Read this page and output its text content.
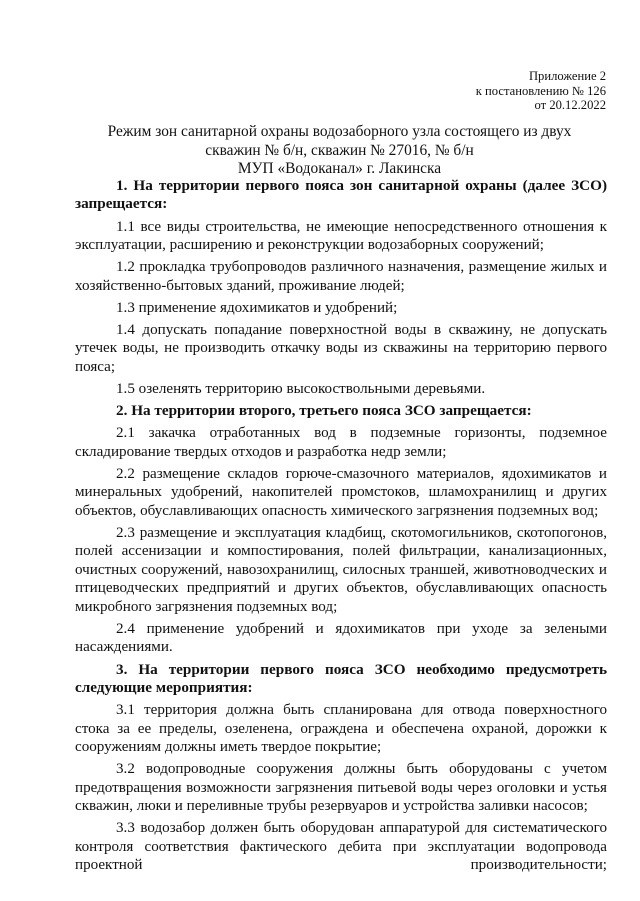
Приложение 2
к постановлению № 126
от 20.12.2022
Режим зон санитарной охраны водозаборного узла состоящего из двух
скважин № б/н, скважин № 27016, № б/н
МУП «Водоканал» г. Лакинска

1. На территории первого пояса зон санитарной охраны (далее ЗСО) запрещается:

1.1 все виды строительства, не имеющие непосредственного отношения к эксплуатации, расширению и реконструкции водозаборных сооружений;

1.2 прокладка трубопроводов различного назначения, размещение жилых и хозяйственно-бытовых зданий, проживание людей;

1.3 применение ядохимикатов и удобрений;

1.4 допускать попадание поверхностной воды в скважину, не допускать утечек воды, не производить откачку воды из скважины на территорию первого пояса;

1.5 озеленять территорию высокоствольными деревьями.

2. На территории второго, третьего пояса ЗСО запрещается:

2.1 закачка отработанных вод в подземные горизонты, подземное складирование твердых отходов и разработка недр земли;

2.2 размещение складов горюче-смазочного материалов, ядохимикатов и минеральных удобрений, накопителей промстоков, шламохранилищ и других объектов, обуславливающих опасность химического загрязнения подземных вод;

2.3 размещение и эксплуатация кладбищ, скотомогильников, скотопогонов, полей ассенизации и компостирования, полей фильтрации, канализационных, очистных сооружений, навозохранилищ, силосных траншей, животноводческих и птицеводческих предприятий и других объектов, обуславливающих опасность микробного загрязнения подземных вод;

2.4 применение удобрений и ядохимикатов при уходе за зелеными насаждениями.

3. На территории первого пояса ЗСО необходимо предусмотреть следующие мероприятия:

3.1 территория должна быть спланирована для отвода поверхностного стока за ее пределы, озеленена, ограждена и обеспечена охраной, дорожки к сооружениям должны иметь твердое покрытие;

3.2 водопроводные сооружения должны быть оборудованы с учетом предотвращения возможности загрязнения питьевой воды через оголовки и устья скважин, люки и переливные трубы резервуаров и устройства заливки насосов;

3.3 водозабор должен быть оборудован аппаратурой для систематического контроля соответствия фактического дебита при эксплуатации водопровода проектной производительности;
